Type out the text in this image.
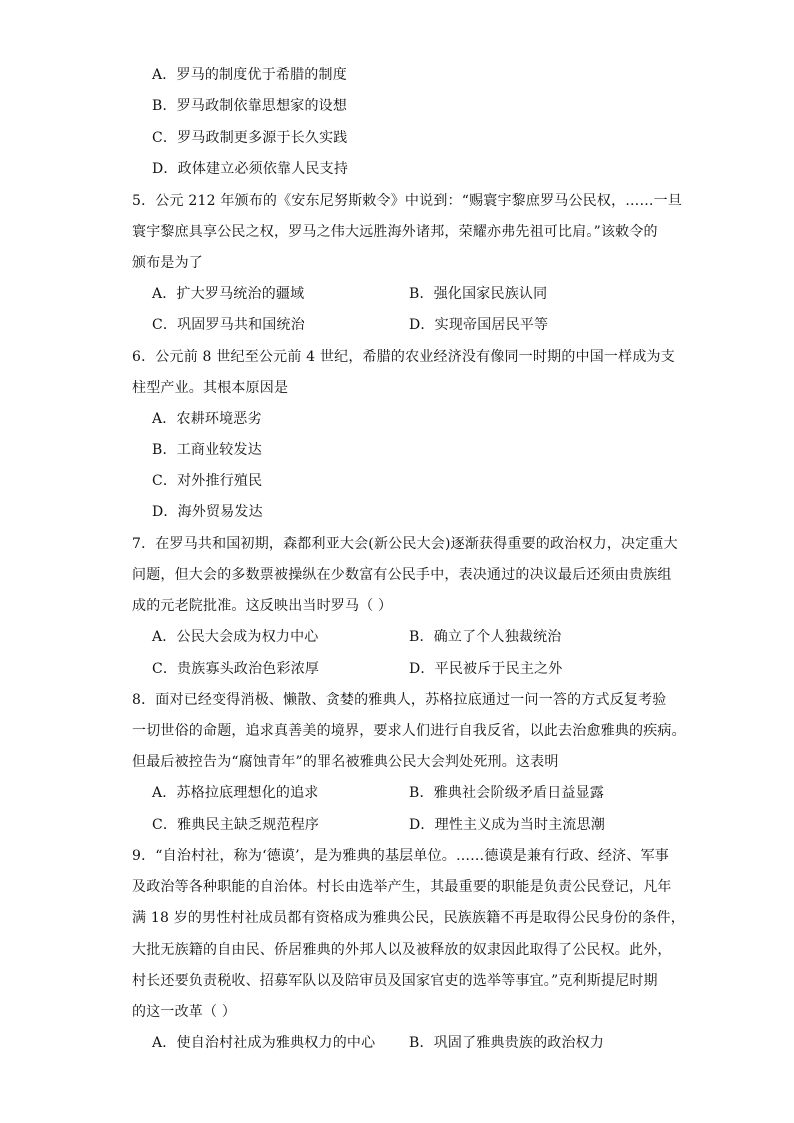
A．罗马的制度优于希腊的制度
B．罗马政制依靠思想家的设想
C．罗马政制更多源于长久实践
D．政体建立必须依靠人民支持
5．公元 212 年颁布的《安东尼努斯敕令》中说到：“赐寰宇黎庶罗马公民权，……一旦
寰宇黎庶具享公民之权，罗马之伟大远胜海外诸邦，荣耀亦弗先祖可比肩。”该敕令的
颁布是为了
A．扩大罗马统治的疆域	B．强化国家民族认同
C．巩固罗马共和国统治	D．实现帝国居民平等
6．公元前 8 世纪至公元前 4 世纪，希腊的农业经济没有像同一时期的中国一样成为支
柱型产业。其根本原因是
A．农耕环境恶劣
B．工商业较发达
C．对外推行殖民
D．海外贸易发达
7．在罗马共和国初期，森都利亚大会(新公民大会)逐渐获得重要的政治权力，决定重大
问题，但大会的多数票被操纵在少数富有公民手中，表决通过的决议最后还须由贵族组
成的元老院批准。这反映出当时罗马（ ）
A．公民大会成为权力中心	B．确立了个人独裁统治
C．贵族寡头政治色彩浓厚	D．平民被斥于民主之外
8．面对已经变得消极、懒散、贪婪的雅典人，苏格拉底通过一问一答的方式反复考验
一切世俗的命题，追求真善美的境界，要求人们进行自我反省，以此去治愈雅典的疾病。
但最后被控告为“腐蚀青年”的罪名被雅典公民大会判处死刑。这表明
A．苏格拉底理想化的追求	B．雅典社会阶级矛盾日益显露
C．雅典民主缺乏规范程序	D．理性主义成为当时主流思潮
9．“自治村社，称为‘德谟’，是为雅典的基层单位。……德谟是兼有行政、经济、军事
及政治等各种职能的自治体。村长由选举产生，其最重要的职能是负责公民登记，凡年
满 18 岁的男性村社成员都有资格成为雅典公民，民族族籍不再是取得公民身份的条件，
大批无族籍的自由民、侨居雅典的外邦人以及被释放的奴隶因此取得了公民权。此外，
村长还要负责税收、招募军队以及陪审员及国家官吏的选举等事宜。”克利斯提尼时期
的这一改革（ ）
A．使自治村社成为雅典权力的中心 B．巩固了雅典贵族的政治权力
